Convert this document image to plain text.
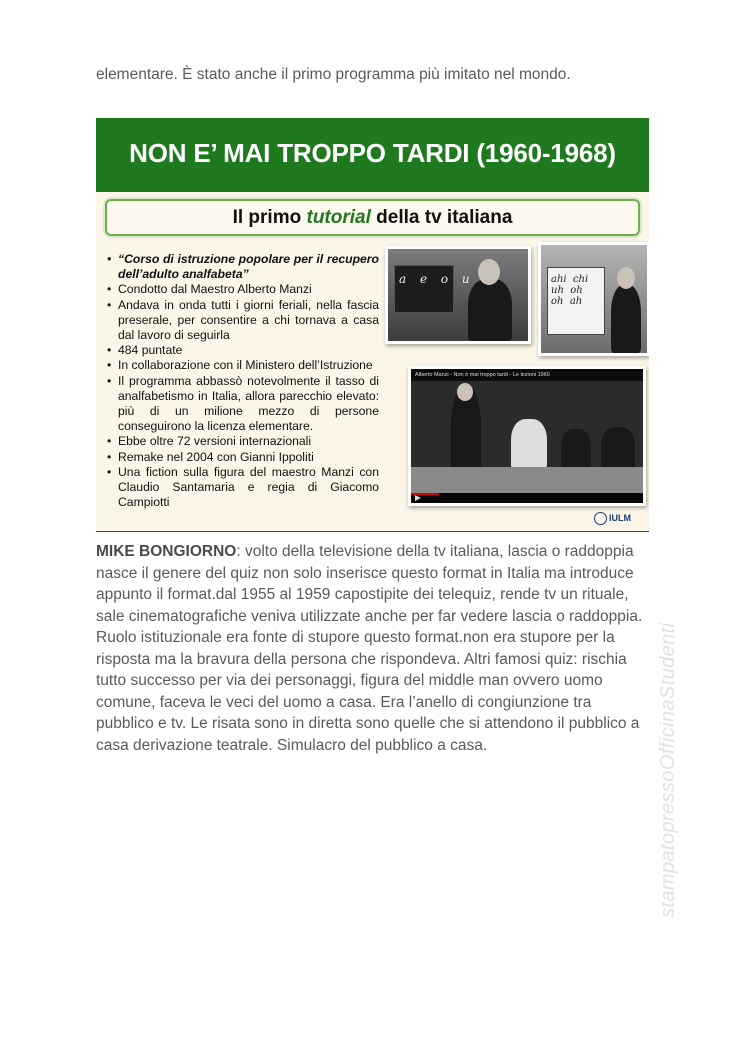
elementare. È stato anche il primo programma più imitato nel mondo.
NON E’ MAI TROPPO TARDI (1960-1968)
Il primo tutorial della tv italiana
• “Corso di istruzione popolare per il recupero dell’adulto analfabeta”
• Condotto dal Maestro Alberto Manzi
• Andava in onda tutti i giorni feriali, nella fascia preserale, per consentire a chi tornava a casa dal lavoro di seguirla
• 484 puntate
• In collaborazione con il Ministero dell’Istruzione
• Il programma abbassò notevolmente il tasso di analfabetismo in Italia, allora parecchio elevato: più di un milione mezzo di persone conseguirono la licenza elementare.
• Ebbe oltre 72 versioni internazionali
• Remake nel 2004 con Gianni Ippoliti
• Una fiction sulla figura del maestro Manzi con Claudio Santamaria e regia di Giacomo Campiotti
a e o u	ahi  chi
uh  oh
oh  ah
Alberto Manzi - Non è mai troppo tardi - Le lezioni 1960
IULM
MIKE BONGIORNO: volto della televisione della tv italiana, lascia o raddoppia nasce il genere del quiz non solo inserisce questo format in Italia ma introduce appunto il format.dal 1955 al 1959 capostipite dei telequiz, rende tv un rituale, sale cinematografiche veniva utilizzate anche per far vedere lascia o raddoppia. Ruolo istituzionale era fonte di stupore questo format.non era stupore per la risposta ma la bravura della persona che rispondeva. Altri famosi quiz: rischia tutto successo per via dei personaggi, figura del middle man ovvero uomo comune, faceva le veci del uomo a casa. Era l’anello di congiunzione tra pubblico e tv. Le risata sono in diretta sono quelle che si attendono il pubblico a casa derivazione teatrale. Simulacro del pubblico a casa.	stampatopressoOfficinaStudenti
